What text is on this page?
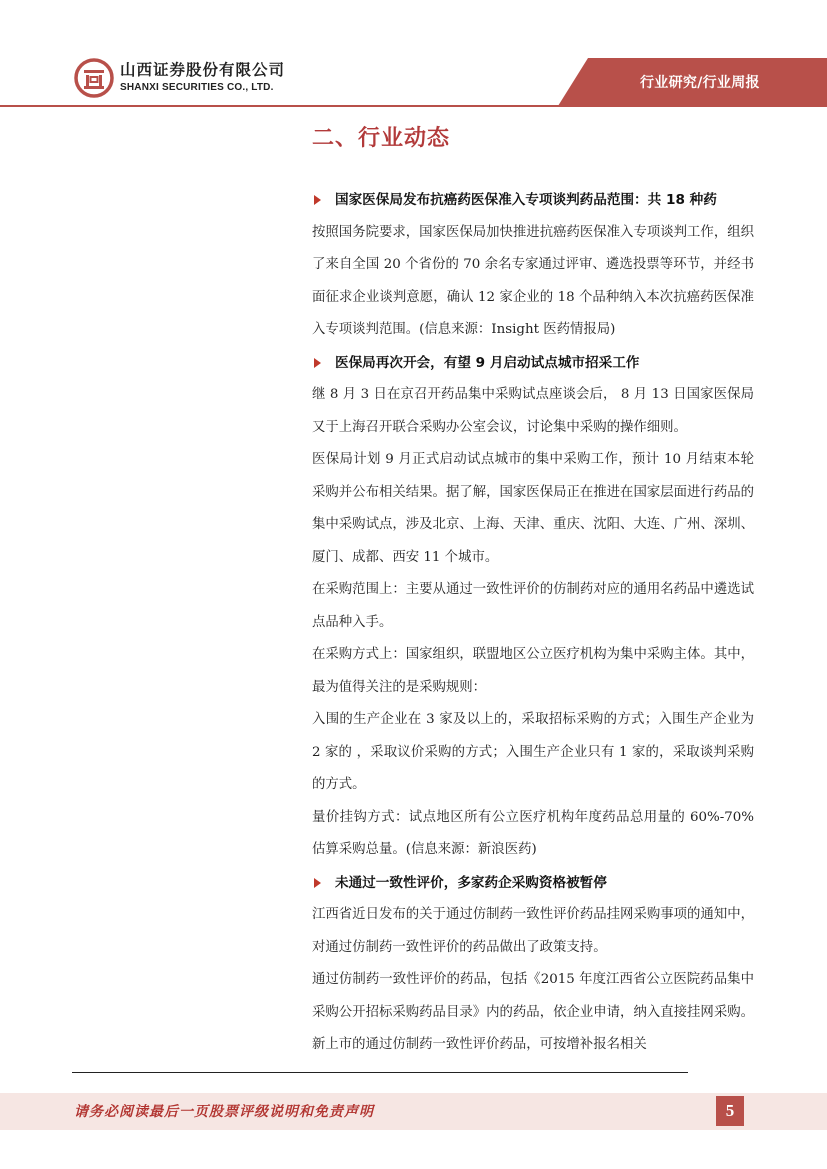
山西证券股份有限公司
SHANXI SECURITIES CO., LTD.	行业研究/行业周报
二、行业动态
国家医保局发布抗癌药医保准入专项谈判药品范围：共 18 种药

按照国务院要求，国家医保局加快推进抗癌药医保准入专项谈判工作，组织了来自全国 20 个省份的 70 余名专家通过评审、遴选投票等环节，并经书面征求企业谈判意愿，确认 12 家企业的 18 个品种纳入本次抗癌药医保准入专项谈判范围。(信息来源：Insight 医药情报局)

医保局再次开会，有望 9 月启动试点城市招采工作

继 8 月 3 日在京召开药品集中采购试点座谈会后， 8 月 13 日国家医保局又于上海召开联合采购办公室会议，讨论集中采购的操作细则。

医保局计划 9 月正式启动试点城市的集中采购工作，预计 10 月结束本轮采购并公布相关结果。据了解，国家医保局正在推进在国家层面进行药品的集中采购试点，涉及北京、上海、天津、重庆、沈阳、大连、广州、深圳、厦门、成都、西安 11 个城市。

在采购范围上：主要从通过一致性评价的仿制药对应的通用名药品中遴选试点品种入手。

在采购方式上：国家组织，联盟地区公立医疗机构为集中采购主体。其中，最为值得关注的是采购规则：

入围的生产企业在 3 家及以上的，采取招标采购的方式；入围生产企业为 2 家的 ，采取议价采购的方式；入围生产企业只有 1 家的，采取谈判采购的方式。

量价挂钩方式：试点地区所有公立医疗机构年度药品总用量的 60%-70%估算采购总量。(信息来源：新浪医药)

未通过一致性评价，多家药企采购资格被暂停

江西省近日发布的关于通过仿制药一致性评价药品挂网采购事项的通知中，对通过仿制药一致性评价的药品做出了政策支持。

通过仿制药一致性评价的药品，包括《2015 年度江西省公立医院药品集中采购公开招标采购药品目录》内的药品，依企业申请，纳入直接挂网采购。新上市的通过仿制药一致性评价药品，可按增补报名相关

请务必阅读最后一页股票评级说明和免责声明	5
